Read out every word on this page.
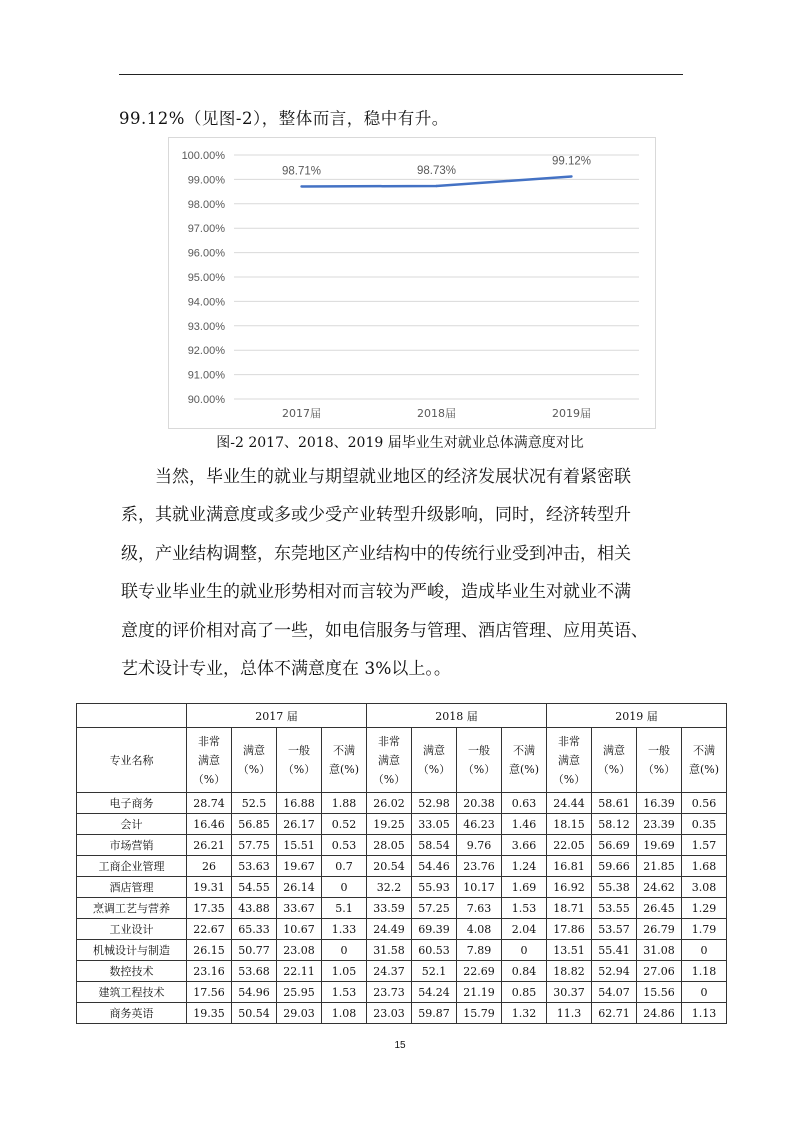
99.12%（见图-2），整体而言，稳中有升。
100.00%
99.00%
98.00%
97.00%
96.00%
95.00%
94.00%
93.00%
92.00%
91.00%
90.00%
2017届	2018届	2019届
98.71%	98.73%
99.12%
图-2 2017、2018、2019 届毕业生对就业总体满意度对比
当然，毕业生的就业与期望就业地区的经济发展状况有着紧密联
系，其就业满意度或多或少受产业转型升级影响，同时，经济转型升
级，产业结构调整，东莞地区产业结构中的传统行业受到冲击，相关
联专业毕业生的就业形势相对而言较为严峻，造成毕业生对就业不满
意度的评价相对高了一些，如电信服务与管理、酒店管理、应用英语、
艺术设计专业，总体不满意度在 3%以上。。
	2017 届				2018 届				2019 届			
专业名称	非常
满意
（%）	满意
（%）	一般
（%）	不满
意(%)	非常
满意
（%）	满意
（%）	一般
（%）	不满
意(%)	非常
满意
（%）	满意
（%）	一般
（%）	不满
意(%)

电子商务	28.74	52.5	16.88	1.88	26.02	52.98	20.38	0.63	24.44	58.61	16.39	0.56
会计	16.46	56.85	26.17	0.52	19.25	33.05	46.23	1.46	18.15	58.12	23.39	0.35
市场营销	26.21	57.75	15.51	0.53	28.05	58.54	9.76	3.66	22.05	56.69	19.69	1.57
工商企业管理	26	53.63	19.67	0.7	20.54	54.46	23.76	1.24	16.81	59.66	21.85	1.68
酒店管理	19.31	54.55	26.14	0	32.2	55.93	10.17	1.69	16.92	55.38	24.62	3.08
烹调工艺与营养	17.35	43.88	33.67	5.1	33.59	57.25	7.63	1.53	18.71	53.55	26.45	1.29
工业设计	22.67	65.33	10.67	1.33	24.49	69.39	4.08	2.04	17.86	53.57	26.79	1.79
机械设计与制造	26.15	50.77	23.08	0	31.58	60.53	7.89	0	13.51	55.41	31.08	0
数控技术	23.16	53.68	22.11	1.05	24.37	52.1	22.69	0.84	18.82	52.94	27.06	1.18
建筑工程技术	17.56	54.96	25.95	1.53	23.73	54.24	21.19	0.85	30.37	54.07	15.56	0
商务英语	19.35	50.54	29.03	1.08	23.03	59.87	15.79	1.32	11.3	62.71	24.86	1.13
15
